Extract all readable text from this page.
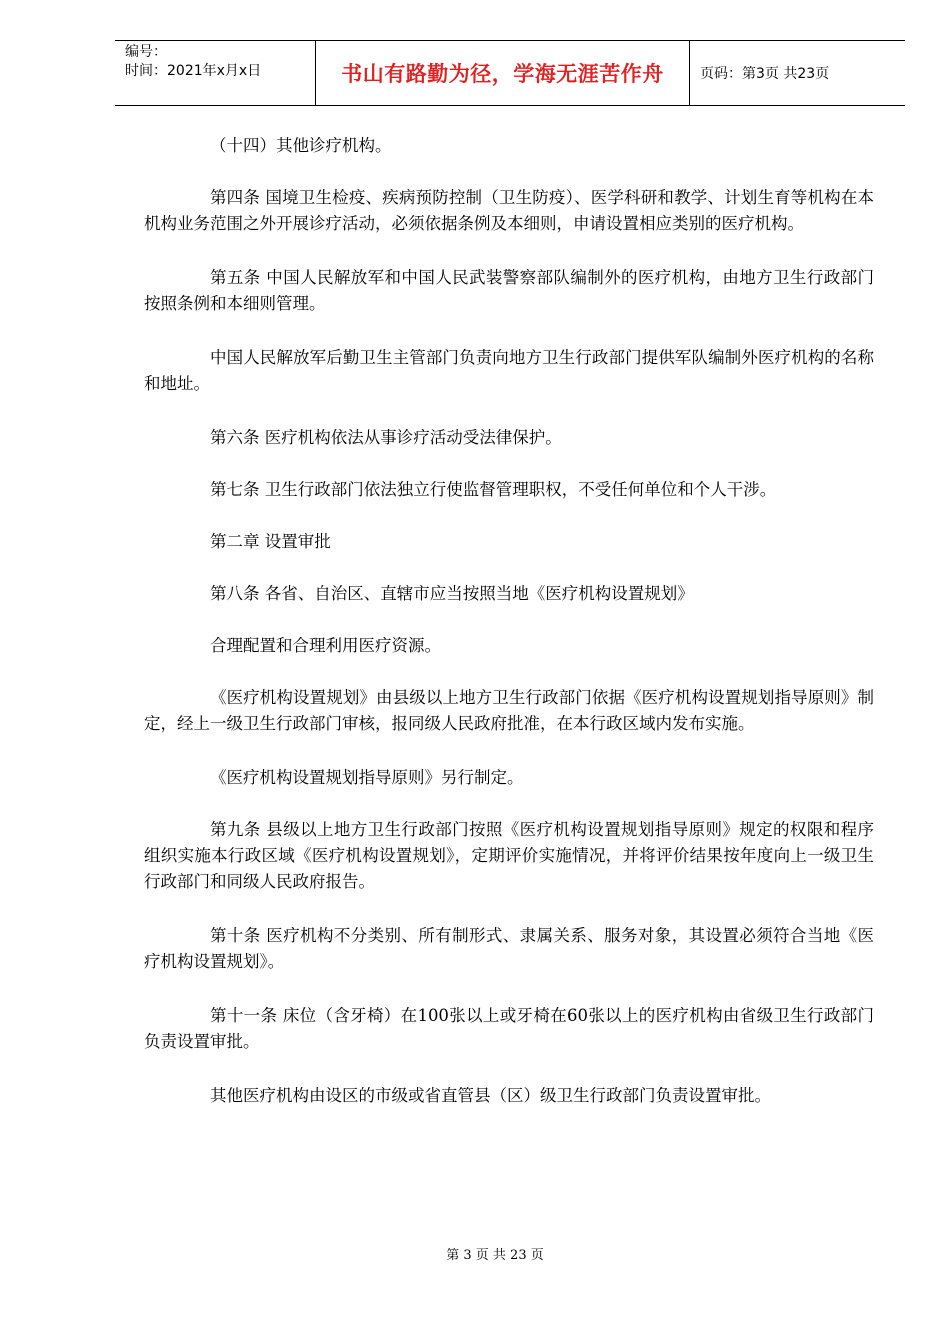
编号：
时间：2021年x月x日	书山有路勤为径，学海无涯苦作舟	页码：第3页 共23页

（十四）其他诊疗机构。

第四条 国境卫生检疫、疾病预防控制（卫生防疫）、医学科研和教学、计划生育等机构在本机构业务范围之外开展诊疗活动，必须依据条例及本细则，申请设置相应类别的医疗机构。

第五条 中国人民解放军和中国人民武装警察部队编制外的医疗机构，由地方卫生行政部门按照条例和本细则管理。

中国人民解放军后勤卫生主管部门负责向地方卫生行政部门提供军队编制外医疗机构的名称和地址。

第六条 医疗机构依法从事诊疗活动受法律保护。

第七条 卫生行政部门依法独立行使监督管理职权，不受任何单位和个人干涉。

第二章 设置审批

第八条 各省、自治区、直辖市应当按照当地《医疗机构设置规划》

合理配置和合理利用医疗资源。

《医疗机构设置规划》由县级以上地方卫生行政部门依据《医疗机构设置规划指导原则》制定，经上一级卫生行政部门审核，报同级人民政府批准，在本行政区域内发布实施。

《医疗机构设置规划指导原则》另行制定。

第九条 县级以上地方卫生行政部门按照《医疗机构设置规划指导原则》规定的权限和程序组织实施本行政区域《医疗机构设置规划》，定期评价实施情况，并将评价结果按年度向上一级卫生行政部门和同级人民政府报告。

第十条 医疗机构不分类别、所有制形式、隶属关系、服务对象，其设置必须符合当地《医疗机构设置规划》。

第十一条 床位（含牙椅）在100张以上或牙椅在60张以上的医疗机构由省级卫生行政部门负责设置审批。

其他医疗机构由设区的市级或省直管县（区）级卫生行政部门负责设置审批。

第 3 页 共 23 页
